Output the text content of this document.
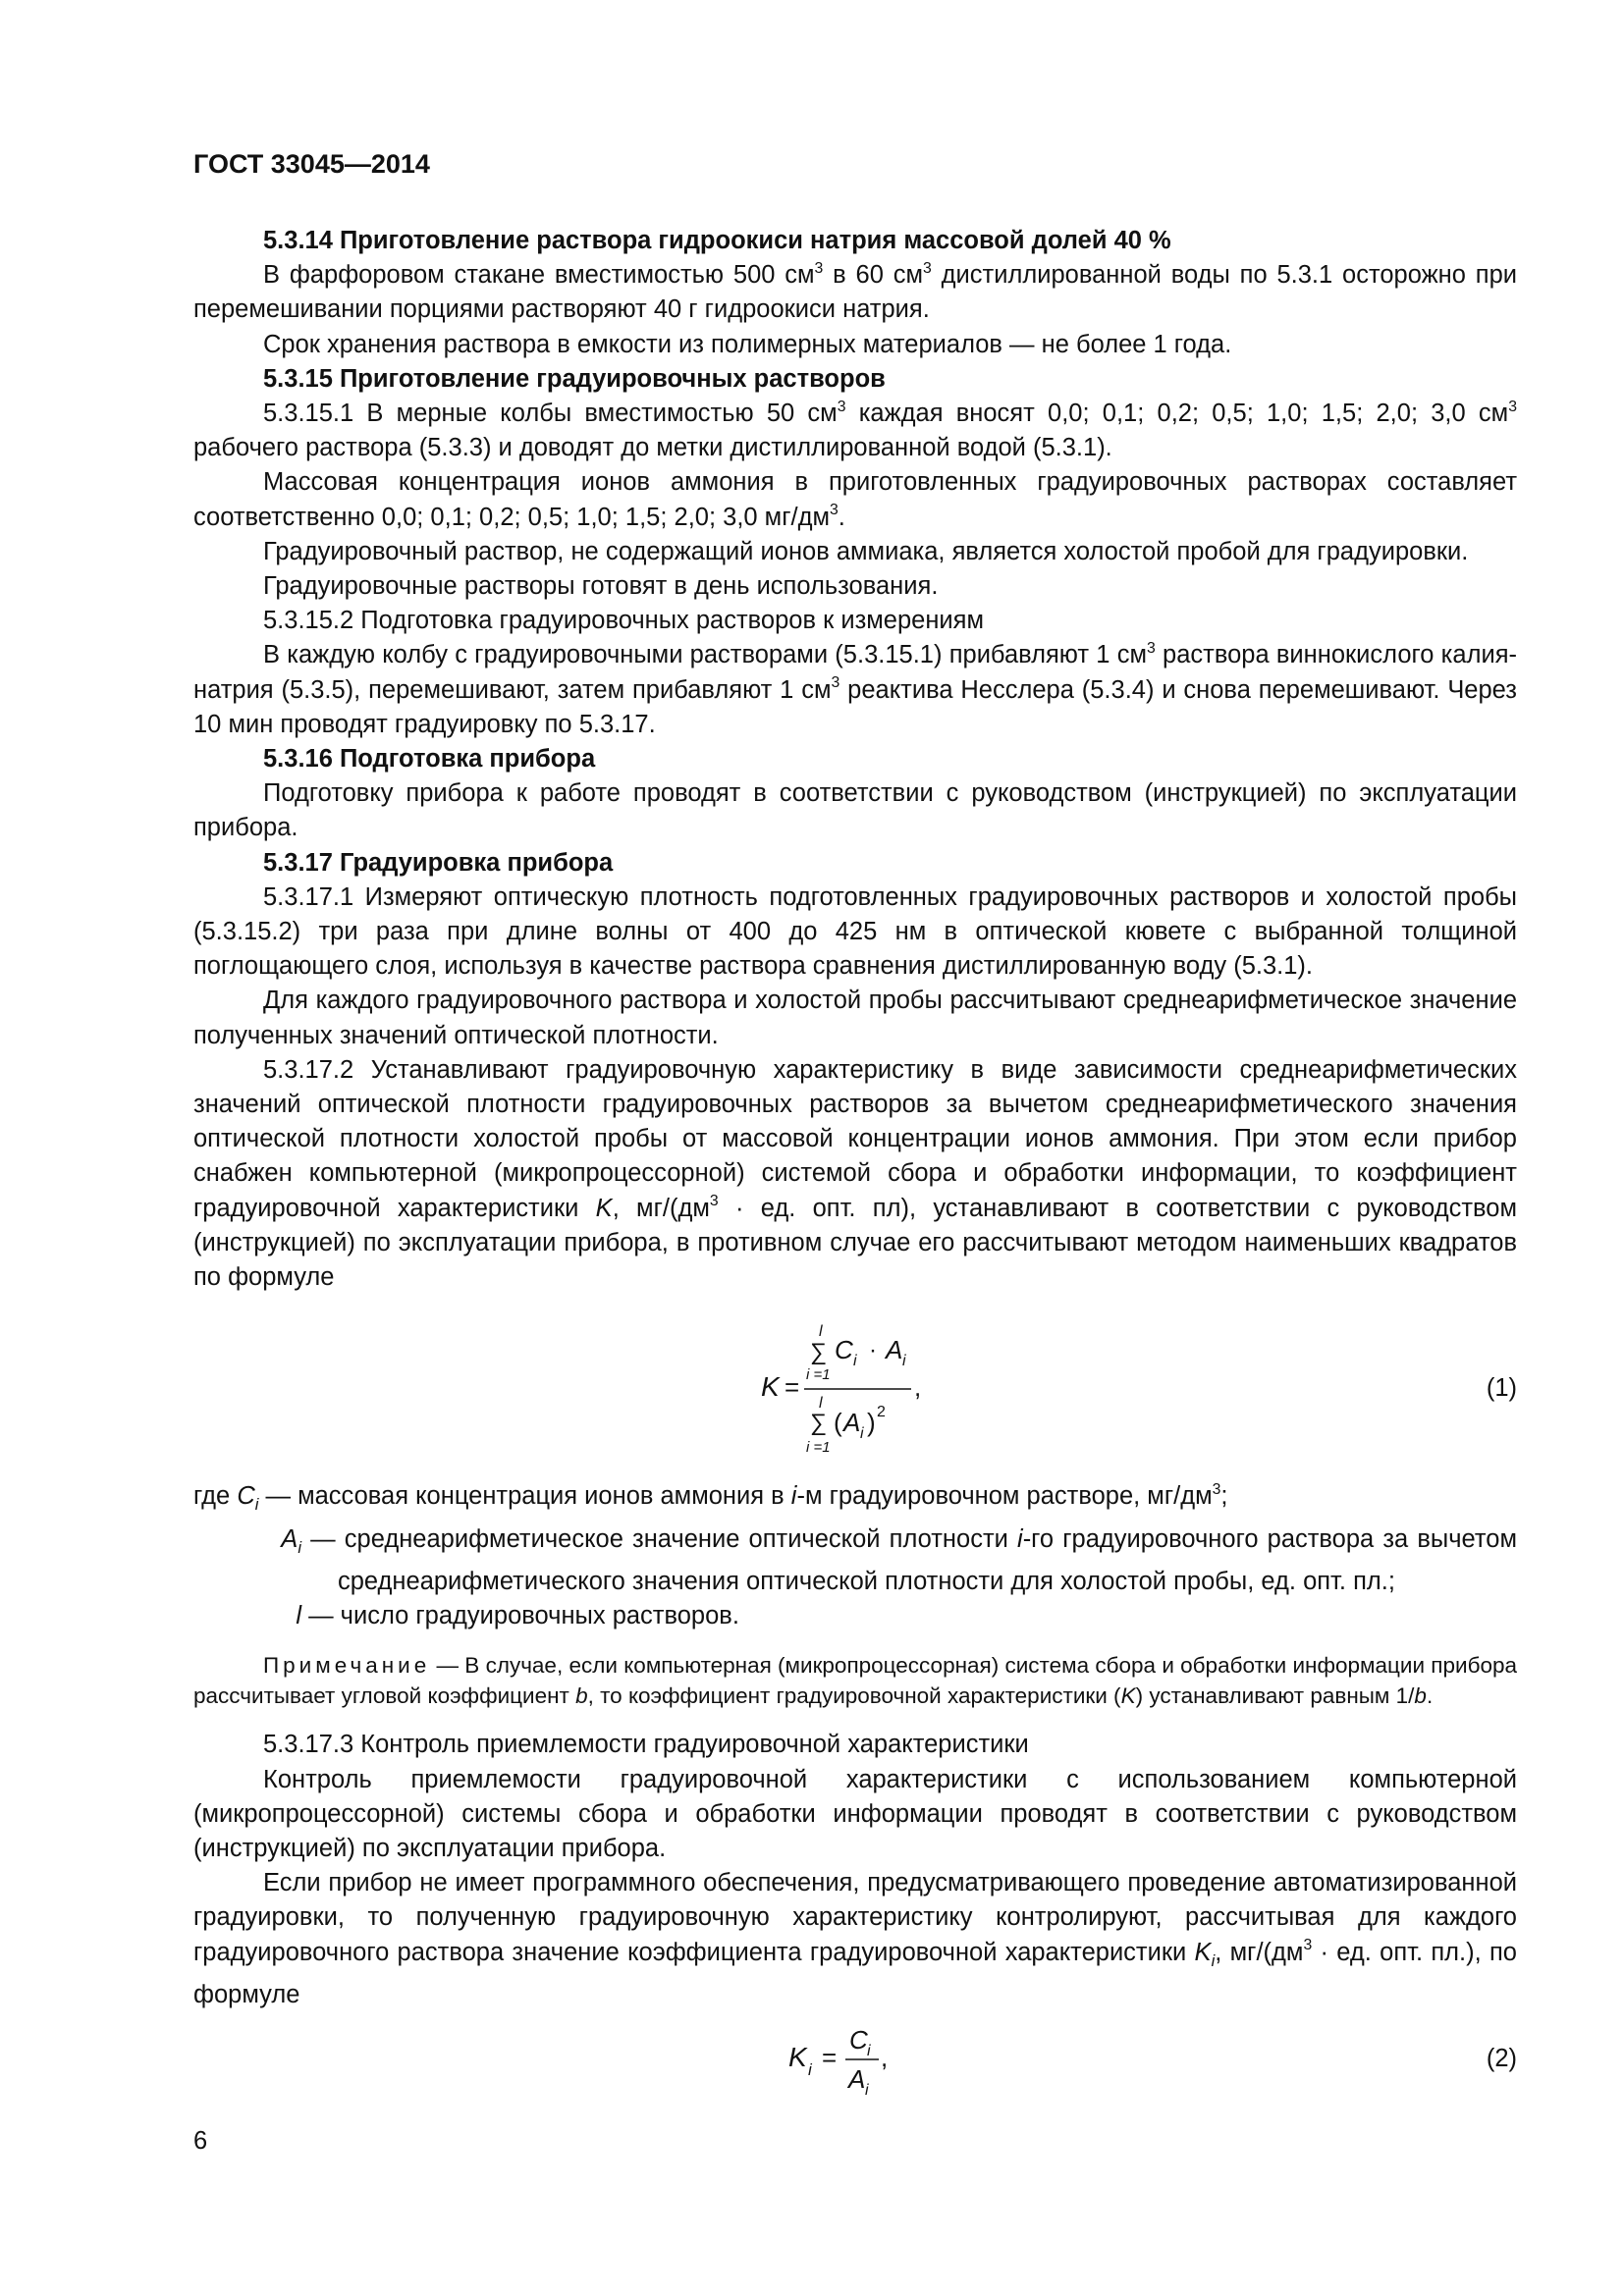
ГОСТ 33045—2014

5.3.14 Приготовление раствора гидроокиси натрия массовой долей 40 %

В фарфоровом стакане вместимостью 500 $см^3$ в 60 $см^3$ дистиллированной воды по 5.3.1 осторожно при перемешивании порциями растворяют 40 г гидроокиси натрия.

Срок хранения раствора в емкости из полимерных материалов — не более 1 года.

5.3.15 Приготовление градуировочных растворов

5.3.15.1 В мерные колбы вместимостью 50 $см^3$ каждая вносят 0,0; 0,1; 0,2; 0,5; 1,0; 1,5; 2,0; 3,0 $см^3$ рабочего раствора (5.3.3) и доводят до метки дистиллированной водой (5.3.1).

Массовая концентрация ионов аммония в приготовленных градуировочных растворах составляет соответственно 0,0; 0,1; 0,2; 0,5; 1,0; 1,5; 2,0; 3,0 $мг/дм^3$.

Градуировочный раствор, не содержащий ионов аммиака, является холостой пробой для градуировки.

Градуировочные растворы готовят в день использования.

5.3.15.2 Подготовка градуировочных растворов к измерениям

В каждую колбу с градуировочными растворами (5.3.15.1) прибавляют 1 $см^3$ раствора виннокислого калия-натрия (5.3.5), перемешивают, затем прибавляют 1 $см^3$ реактива Несслера (5.3.4) и снова перемешивают. Через 10 мин проводят градуировку по 5.3.17.

5.3.16 Подготовка прибора

Подготовку прибора к работе проводят в соответствии с руководством (инструкцией) по эксплуатации прибора.

5.3.17 Градуировка прибора

5.3.17.1 Измеряют оптическую плотность подготовленных градуировочных растворов и холостой пробы (5.3.15.2) три раза при длине волны от 400 до 425 нм в оптической кювете с выбранной толщиной поглощающего слоя, используя в качестве раствора сравнения дистиллированную воду (5.3.1).

Для каждого градуировочного раствора и холостой пробы рассчитывают среднеарифметическое значение полученных значений оптической плотности.

5.3.17.2 Устанавливают градуировочную характеристику в виде зависимости среднеарифметических значений оптической плотности градуировочных растворов за вычетом среднеарифметического значения оптической плотности холостой пробы от массовой концентрации ионов аммония. При этом если прибор снабжен компьютерной (микропроцессорной) системой сбора и обработки информации, то коэффициент градуировочной характеристики K, $мг/(дм^3$ · ед. опт. пл), устанавливают в соответствии с руководством (инструкцией) по эксплуатации прибора, в противном случае его рассчитывают методом наименьших квадратов по формуле

K =
l
∑
i =1
C i · A i
l
∑
i =1
( A i ) 2
,	(1)
где $C_i$ — массовая концентрация ионов аммония в i-м градуировочном растворе, $мг/дм^3$;
$A_i$ — среднеарифметическое значение оптической плотности i-го градуировочного раствора за вычетом среднеарифметического значения оптической плотности для холостой пробы, ед. опт. пл.;
l — число градуировочных растворов.

Примечание — В случае, если компьютерная (микропроцессорная) система сбора и обработки информации прибора рассчитывает угловой коэффициент b, то коэффициент градуировочной характеристики (K) устанавливают равным 1/b.

5.3.17.3 Контроль приемлемости градуировочной характеристики

Контроль приемлемости градуировочной характеристики с использованием компьютерной (микропроцессорной) системы сбора и обработки информации проводят в соответствии с руководством (инструкцией) по эксплуатации прибора.

Если прибор не имеет программного обеспечения, предусматривающего проведение автоматизированной градуировки, то полученную градуировочную характеристику контролируют, рассчитывая для каждого градуировочного раствора значение коэффициента градуировочной характеристики $K_i$, $мг/(дм^3$ · ед. опт. пл.), по формуле

K i =
C i
A i
,	(2)
6
